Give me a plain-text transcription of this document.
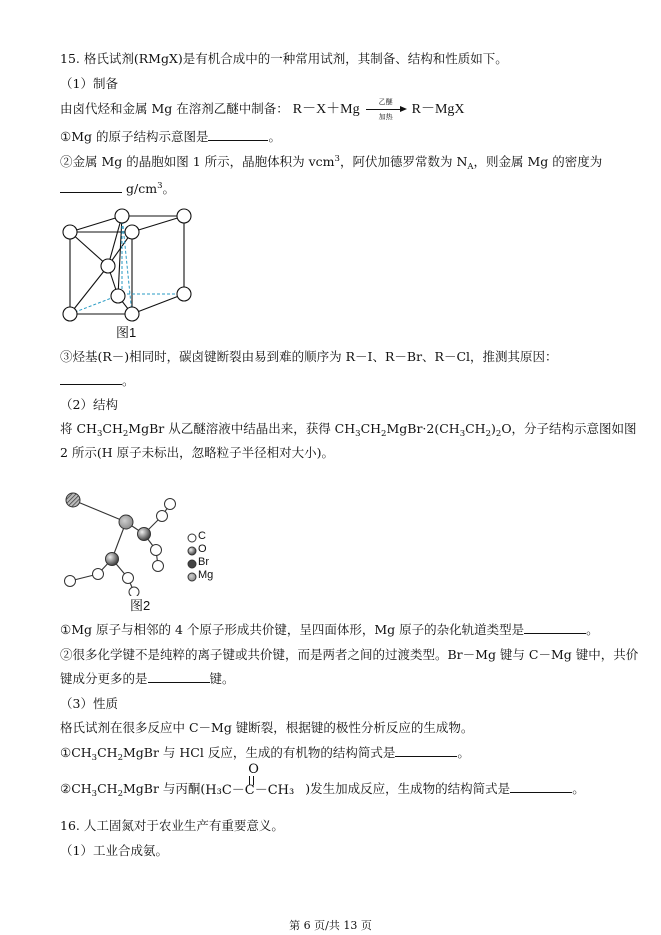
15. 格氏试剂(RMgX)是有机合成中的一种常用试剂，其制备、结构和性质如下。
（1）制备
由卤代烃和金属 Mg 在溶剂乙醚中制备： R－X＋Mg
乙醚
加热	R－MgX
①Mg 的原子结构示意图是	。
②金属 Mg 的晶胞如图 1 所示，晶胞体积为 vcm$^3$，阿伏加德罗常数为 $N_A$，则金属 Mg 的密度为
$g/cm^3$。
图1
③烃基(R－)相同时，碳卤键断裂由易到难的顺序为 R－I、R－Br、R－Cl，推测其原因：
。
（2）结构
将 $CH_3CH_2MgBr$ 从乙醚溶液中结晶出来，获得 $CH_3CH_2MgBr\cdot 2(CH_3CH_2)_2O$，分子结构示意图如图
2 所示(H 原子未标出，忽略粒子半径相对大小)。
C
O
Br
Mg
图2
①Mg 原子与相邻的 4 个原子形成共价键，呈四面体形，Mg 原子的杂化轨道类型是	。
②很多化学键不是纯粹的离子键或共价键，而是两者之间的过渡类型。Br－Mg 键与 C－Mg 键中，共价
键成分更多的是	键。
（3）性质
格氏试剂在很多反应中 C－Mg 键断裂，根据键的极性分析反应的生成物。
$①CH_3CH_2MgBr$ 与 HCl 反应，生成的有机物的结构简式是	。
$②CH_3CH_2MgBr$ 与丙酮(
O
H₃C－C－CH₃ )发生加成反应，生成物的结构简式是	。
16. 人工固氮对于农业生产有重要意义。
（1）工业合成氨。
第 6 页/共 13 页
